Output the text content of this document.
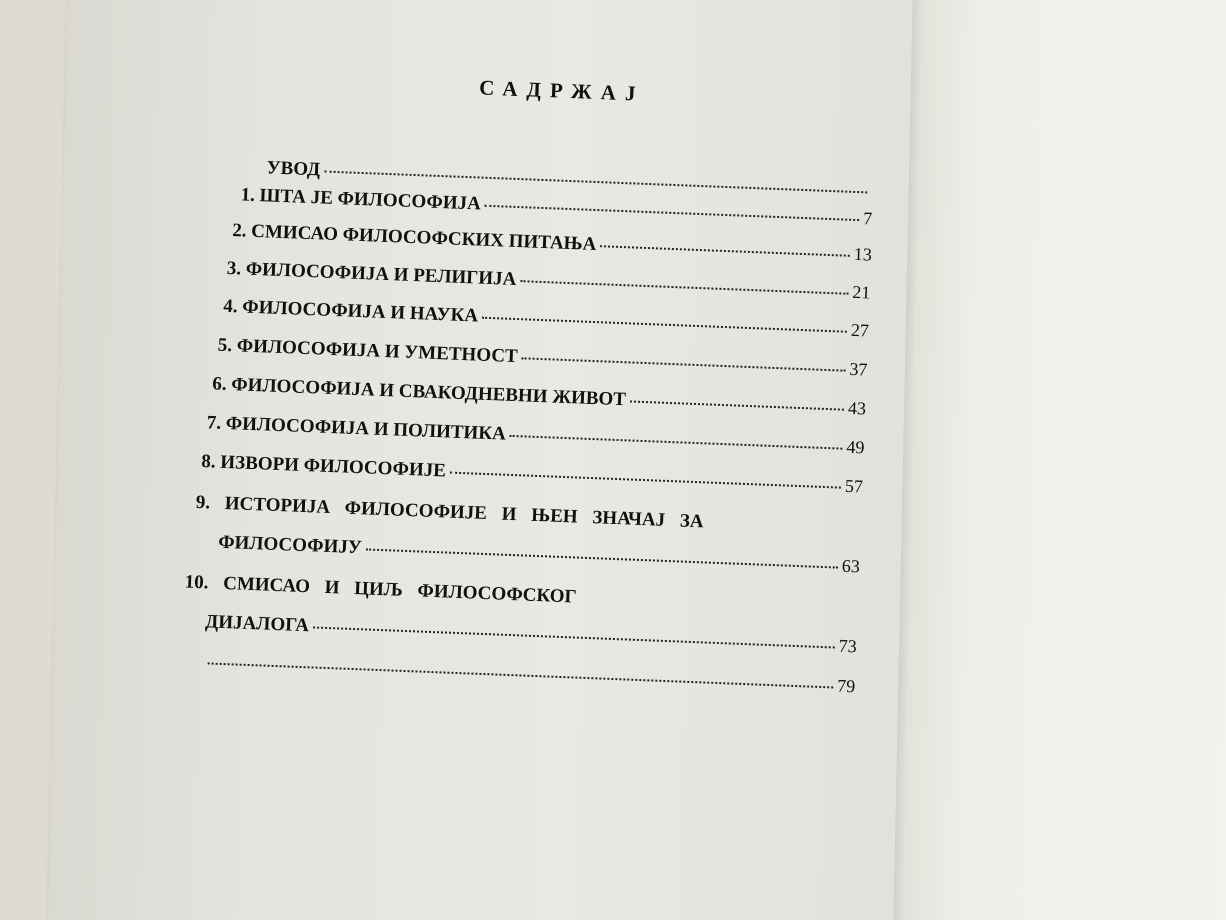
САДРЖАЈ
УВОД
1. ШТА ЈЕ ФИЛОСОФИЈА
7
2. СМИСАО ФИЛОСОФСКИХ ПИТАЊА	13
3. ФИЛОСОФИЈА И РЕЛИГИЈА
21
4. ФИЛОСОФИЈА И НАУКА
27
5. ФИЛОСОФИЈА И УМЕТНОСТ
37
6. ФИЛОСОФИЈА И СВАКОДНЕВНИ ЖИВОТ	43
7. ФИЛОСОФИЈА И ПОЛИТИКА
49
8. ИЗВОРИ ФИЛОСОФИЈЕ
57
9. ИСТОРИЈА ФИЛОСОФИЈЕ И ЊЕН ЗНАЧАЈ ЗА
ФИЛОСОФИЈУ
63
10. СМИСАО И ЦИЉ ФИЛОСОФСКОГ
ДИЈАЛОГА
73
79
